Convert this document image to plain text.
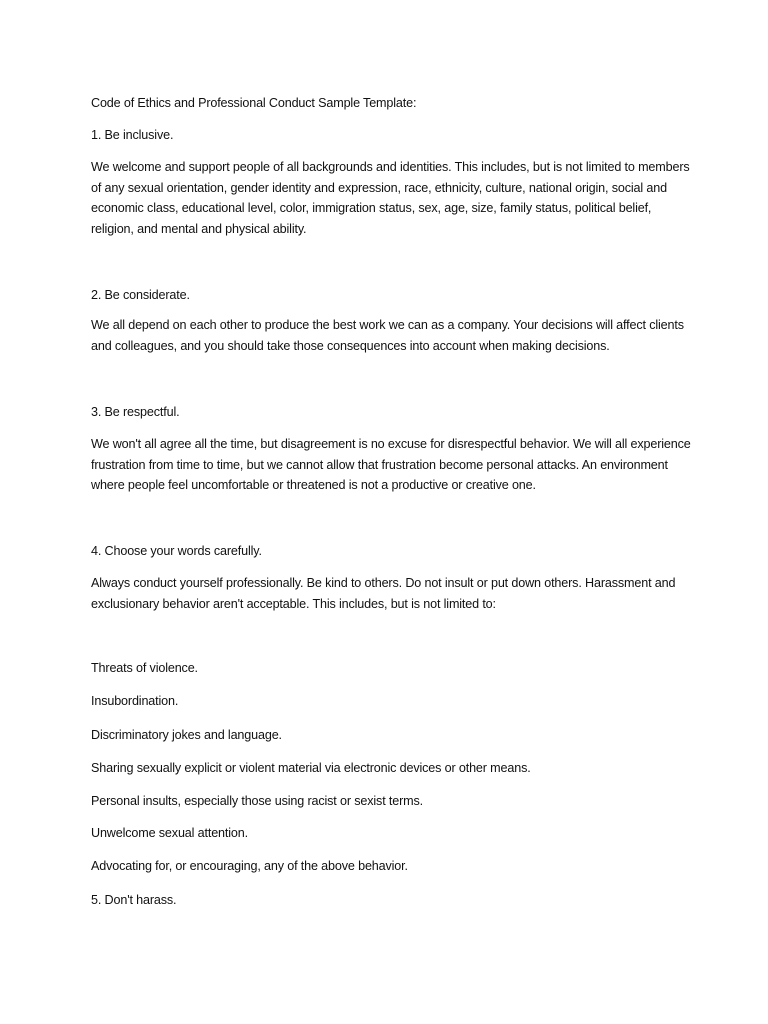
Code of Ethics and Professional Conduct Sample Template:

1. Be inclusive.

We welcome and support people of all backgrounds and identities. This includes, but is not limited to members of any sexual orientation, gender identity and expression, race, ethnicity, culture, national origin, social and economic class, educational level, color, immigration status, sex, age, size, family status, political belief, religion, and mental and physical ability.

2. Be considerate.

We all depend on each other to produce the best work we can as a company. Your decisions will affect clients and colleagues, and you should take those consequences into account when making decisions.

3. Be respectful.

We won't all agree all the time, but disagreement is no excuse for disrespectful behavior. We will all experience frustration from time to time, but we cannot allow that frustration become personal attacks. An environment where people feel uncomfortable or threatened is not a productive or creative one.

4. Choose your words carefully.

Always conduct yourself professionally. Be kind to others. Do not insult or put down others. Harassment and exclusionary behavior aren't acceptable. This includes, but is not limited to:

Threats of violence.

Insubordination.

Discriminatory jokes and language.

Sharing sexually explicit or violent material via electronic devices or other means.

Personal insults, especially those using racist or sexist terms.

Unwelcome sexual attention.

Advocating for, or encouraging, any of the above behavior.

5. Don't harass.
